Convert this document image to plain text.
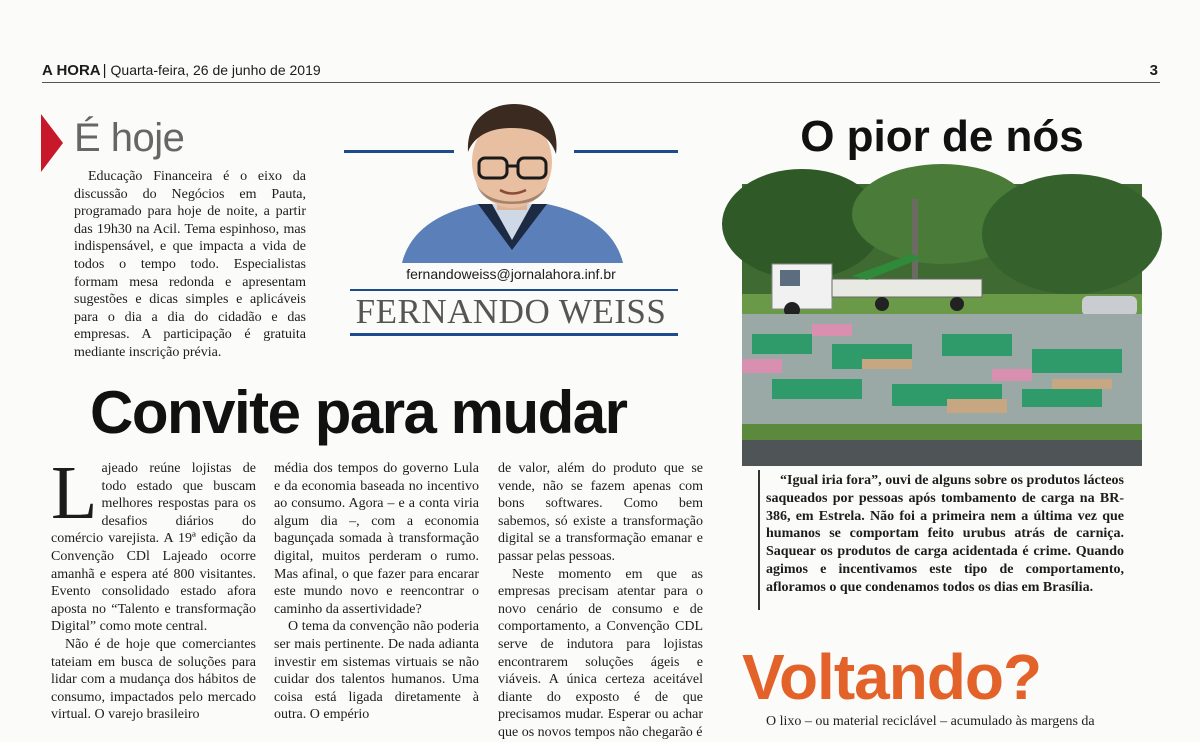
A HORA | Quarta-feira, 26 de junho de 2019	3
É hoje
Educação Financeira é o eixo da discussão do Negócios em Pauta, programado para hoje de noite, a partir das 19h30 na Acil. Tema espinhoso, mas indispensável, e que impacta a vida de todos o tempo todo. Especialistas formam mesa redonda e apresentam sugestões e dicas simples e aplicáveis para o dia a dia do cidadão e das empresas. A participação é gratuita mediante inscrição prévia.
fernandoweiss@jornalahora.inf.br
FERNANDO WEISS
Convite para mudar

Lajeado reúne lojistas de todo estado que buscam melhores respostas para os desafios diários do comércio varejista. A 19ª edição da Convenção CDl Lajeado ocorre amanhã e espera até 800 visitantes. Evento consolidado estado afora aposta no “Talento e transformação Digital” como mote central.

Não é de hoje que comerciantes tateiam em busca de soluções para lidar com a mudança dos hábitos de consumo, impactados pelo mercado virtual. O varejo brasileiro

média dos tempos do governo Lula e da economia baseada no incentivo ao consumo. Agora – e a conta viria algum dia –, com a economia bagunçada somada à transformação digital, muitos perderam o rumo. Mas afinal, o que fazer para encarar este mundo novo e reencontrar o caminho da assertividade?

O tema da convenção não poderia ser mais pertinente. De nada adianta investir em sistemas virtuais se não cuidar dos talentos humanos. Uma coisa está ligada diretamente à outra. O empério

de valor, além do produto que se vende, não se fazem apenas com bons softwares. Como bem sabemos, só existe a transformação digital se a transformação emanar e passar pelas pessoas.

Neste momento em que as empresas precisam atentar para o novo cenário de consumo e de comportamento, a Convenção CDL serve de indutora para lojistas encontrarem soluções ágeis e viáveis. A única certeza aceitável diante do exposto é de que precisamos mudar. Esperar ou achar que os novos tempos não chegarão é

O pior de nós
“Igual iria fora”, ouvi de alguns sobre os produtos lácteos saqueados por pessoas após tombamento de carga na BR-386, em Estrela. Não foi a primeira nem a última vez que humanos se comportam feito urubus atrás de carniça. Saquear os produtos de carga acidentada é crime. Quando agimos e incentivamos este tipo de comportamento, afloramos o que condenamos todos os dias em Brasília.
Voltando?
O lixo – ou material reciclável – acumulado às margens da
